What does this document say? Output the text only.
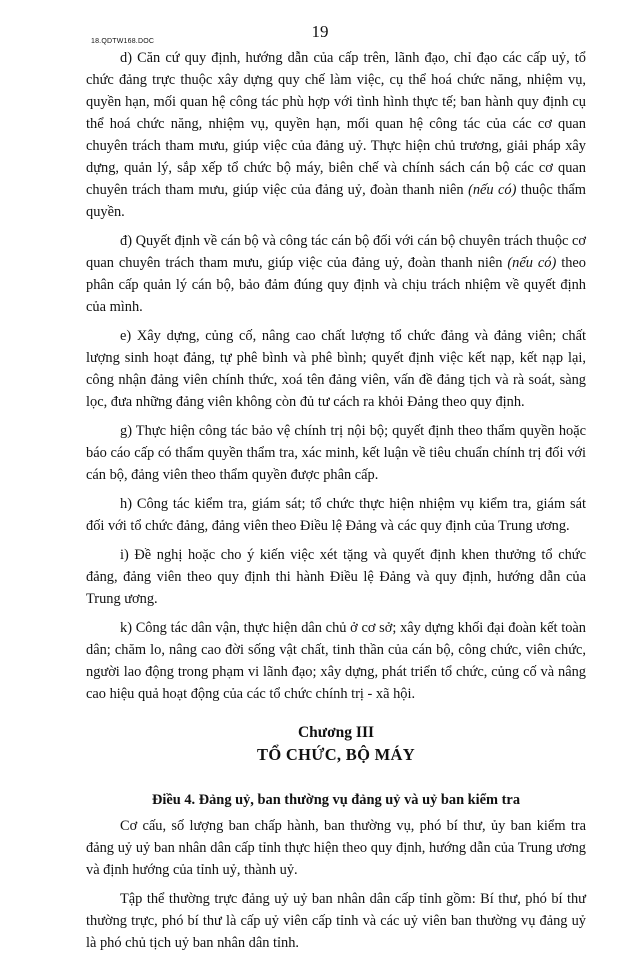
19
18.QDTW168.DOC

d) Căn cứ quy định, hướng dẫn của cấp trên, lãnh đạo, chỉ đạo các cấp uỷ, tổ chức đảng trực thuộc xây dựng quy chế làm việc, cụ thể hoá chức năng, nhiệm vụ, quyền hạn, mối quan hệ công tác phù hợp với tình hình thực tế; ban hành quy định cụ thể hoá chức năng, nhiệm vụ, quyền hạn, mối quan hệ công tác của các cơ quan chuyên trách tham mưu, giúp việc của đảng uỷ. Thực hiện chủ trương, giải pháp xây dựng, quản lý, sắp xếp tổ chức bộ máy, biên chế và chính sách cán bộ các cơ quan chuyên trách tham mưu, giúp việc của đảng uỷ, đoàn thanh niên (nếu có) thuộc thẩm quyền.

đ) Quyết định về cán bộ và công tác cán bộ đối với cán bộ chuyên trách thuộc cơ quan chuyên trách tham mưu, giúp việc của đảng uỷ, đoàn thanh niên (nếu có) theo phân cấp quản lý cán bộ, bảo đảm đúng quy định và chịu trách nhiệm về quyết định của mình.

e) Xây dựng, củng cố, nâng cao chất lượng tổ chức đảng và đảng viên; chất lượng sinh hoạt đảng, tự phê bình và phê bình; quyết định việc kết nạp, kết nạp lại, công nhận đảng viên chính thức, xoá tên đảng viên, vấn đề đảng tịch và rà soát, sàng lọc, đưa những đảng viên không còn đủ tư cách ra khỏi Đảng theo quy định.

g) Thực hiện công tác bảo vệ chính trị nội bộ; quyết định theo thẩm quyền hoặc báo cáo cấp có thẩm quyền thẩm tra, xác minh, kết luận về tiêu chuẩn chính trị đối với cán bộ, đảng viên theo thẩm quyền được phân cấp.

h) Công tác kiểm tra, giám sát; tổ chức thực hiện nhiệm vụ kiểm tra, giám sát đối với tổ chức đảng, đảng viên theo Điều lệ Đảng và các quy định của Trung ương.

i) Đề nghị hoặc cho ý kiến việc xét tặng và quyết định khen thưởng tổ chức đảng, đảng viên theo quy định thi hành Điều lệ Đảng và quy định, hướng dẫn của Trung ương.

k) Công tác dân vận, thực hiện dân chủ ở cơ sở; xây dựng khối đại đoàn kết toàn dân; chăm lo, nâng cao đời sống vật chất, tinh thần của cán bộ, công chức, viên chức, người lao động trong phạm vi lãnh đạo; xây dựng, phát triển tổ chức, củng cố và nâng cao hiệu quả hoạt động của các tổ chức chính trị - xã hội.

Chương III
TỔ CHỨC, BỘ MÁY
Điều 4. Đảng uỷ, ban thường vụ đảng uỷ và uỷ ban kiểm tra

Cơ cấu, số lượng ban chấp hành, ban thường vụ, phó bí thư, ủy ban kiểm tra đảng uỷ uỷ ban nhân dân cấp tỉnh thực hiện theo quy định, hướng dẫn của Trung ương và định hướng của tỉnh uỷ, thành uỷ.

Tập thể thường trực đảng uỷ uỷ ban nhân dân cấp tỉnh gồm: Bí thư, phó bí thư thường trực, phó bí thư là cấp uỷ viên cấp tỉnh và các uỷ viên ban thường vụ đảng uỷ là phó chủ tịch uỷ ban nhân dân tỉnh.
